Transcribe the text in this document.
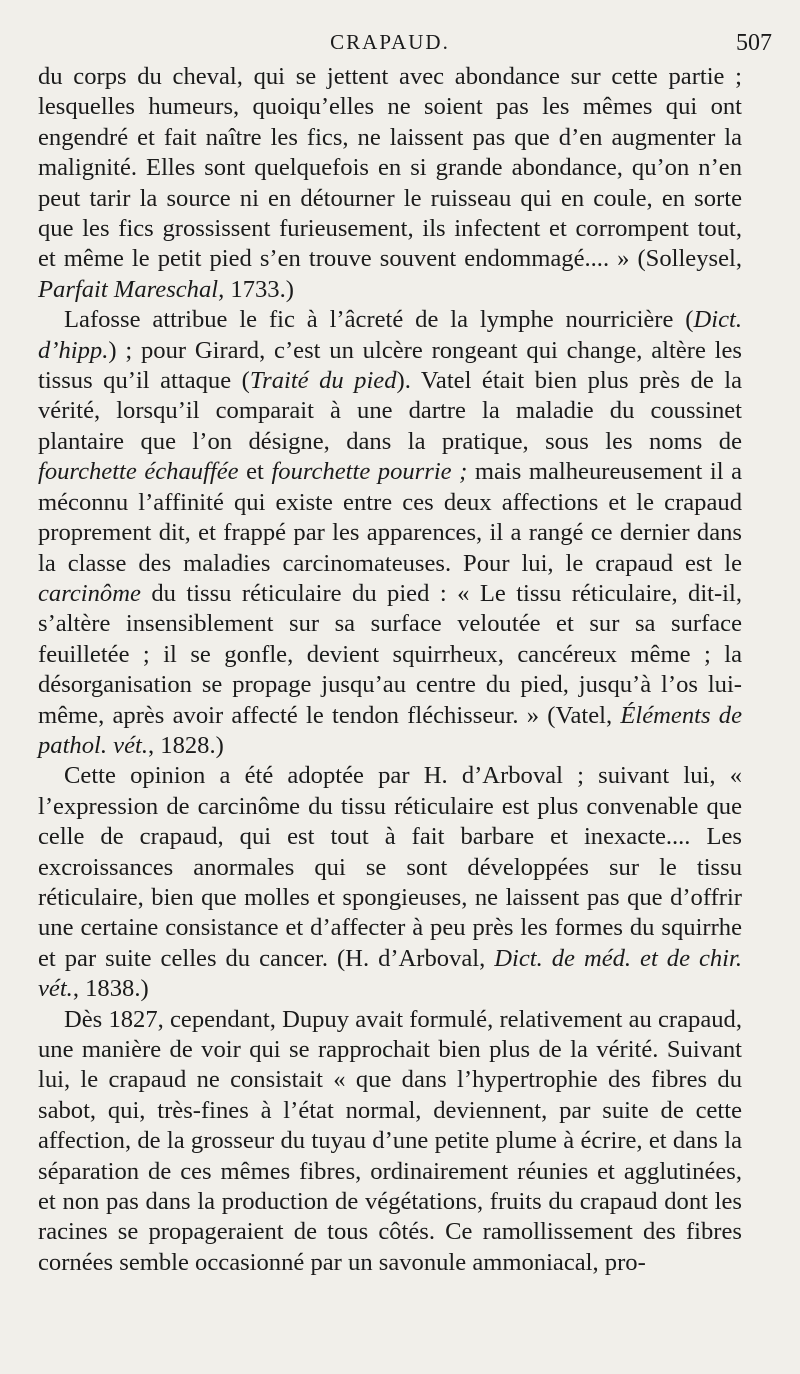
CRAPAUD.	507

du corps du cheval, qui se jettent avec abondance sur cette partie ; lesquelles humeurs, quoiqu’elles ne soient pas les mêmes qui ont engendré et fait naître les fics, ne laissent pas que d’en augmenter la malignité. Elles sont quelquefois en si grande abondance, qu’on n’en peut tarir la source ni en détourner le ruisseau qui en coule, en sorte que les fics grossissent furieusement, ils infectent et corrompent tout, et même le petit pied s’en trouve souvent endommagé.... » (Solleysel, Parfait Mareschal, 1733.)

Lafosse attribue le fic à l’âcreté de la lymphe nourricière (Dict. d’hipp.) ; pour Girard, c’est un ulcère rongeant qui change, altère les tissus qu’il attaque (Traité du pied). Vatel était bien plus près de la vérité, lorsqu’il comparait à une dartre la maladie du coussinet plantaire que l’on désigne, dans la pratique, sous les noms de fourchette échauffée et fourchette pourrie ; mais malheureusement il a méconnu l’affinité qui existe entre ces deux affections et le crapaud proprement dit, et frappé par les apparences, il a rangé ce dernier dans la classe des maladies carcinomateuses. Pour lui, le crapaud est le carcinôme du tissu réticulaire du pied : « Le tissu réticulaire, dit-il, s’altère insensiblement sur sa surface veloutée et sur sa surface feuilletée ; il se gonfle, devient squirrheux, cancéreux même ; la désorganisation se propage jusqu’au centre du pied, jusqu’à l’os lui-même, après avoir affecté le tendon fléchisseur. » (Vatel, Éléments de pathol. vét., 1828.)

Cette opinion a été adoptée par H. d’Arboval ; suivant lui, « l’expression de carcinôme du tissu réticulaire est plus convenable que celle de crapaud, qui est tout à fait barbare et inexacte.... Les excroissances anormales qui se sont développées sur le tissu réticulaire, bien que molles et spongieuses, ne laissent pas que d’offrir une certaine consistance et d’affecter à peu près les formes du squirrhe et par suite celles du cancer. (H. d’Arboval, Dict. de méd. et de chir. vét., 1838.)

Dès 1827, cependant, Dupuy avait formulé, relativement au crapaud, une manière de voir qui se rapprochait bien plus de la vérité. Suivant lui, le crapaud ne consistait « que dans l’hypertrophie des fibres du sabot, qui, très-fines à l’état normal, deviennent, par suite de cette affection, de la grosseur du tuyau d’une petite plume à écrire, et dans la séparation de ces mêmes fibres, ordinairement réunies et agglutinées, et non pas dans la production de végétations, fruits du crapaud dont les racines se propageraient de tous côtés. Ce ramollissement des fibres cornées semble occasionné par un savonule ammoniacal, pro-
